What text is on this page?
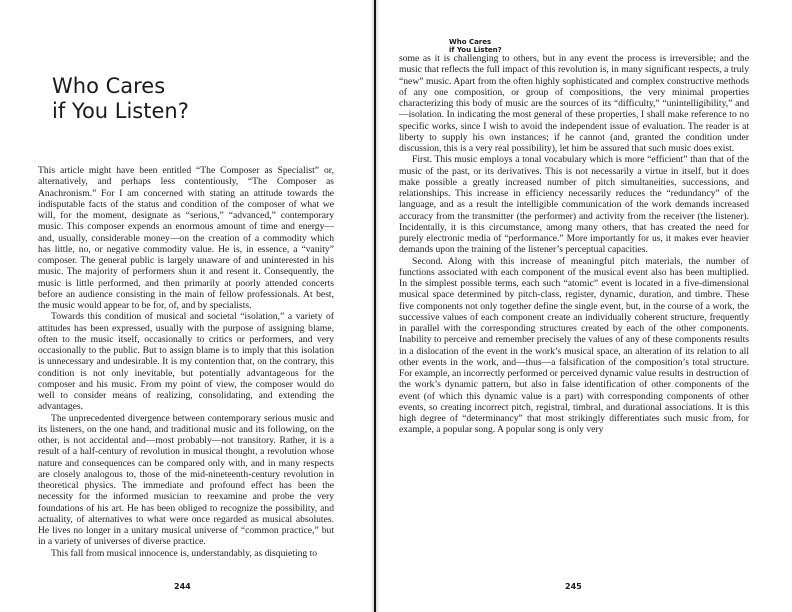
Who Cares
if You Listen?

This article might have been entitled “The Composer as Specialist” or, alternatively, and perhaps less contentiously, “The Composer as Anachronism.” For I am concerned with stating an attitude towards the indisputable facts of the status and condition of the composer of what we will, for the moment, designate as “serious,” “advanced,” contemporary music. This composer expends an enormous amount of time and energy—and, usually, considerable money—on the creation of a commodity which has little, no, or negative commodity value. He is, in essence, a “vanity” composer. The general public is largely unaware of and uninterested in his music. The majority of performers shun it and resent it. Consequently, the music is little performed, and then primarily at poorly attended concerts before an audience consisting in the main of fellow professionals. At best, the music would appear to be for, of, and by specialists.

Towards this condition of musical and societal “isolation,” a variety of attitudes has been expressed, usually with the purpose of assigning blame, often to the music itself, occasionally to critics or performers, and very occasionally to the public. But to assign blame is to imply that this isolation is unnecessary and undesirable. It is my contention that, on the contrary, this condition is not only inevitable, but potentially advantageous for the composer and his music. From my point of view, the composer would do well to consider means of realizing, consolidating, and extending the advantages.

The unprecedented divergence between contemporary serious music and its listeners, on the one hand, and traditional music and its following, on the other, is not accidental and—most probably—not transitory. Rather, it is a result of a half-century of revolution in musical thought, a revolution whose nature and consequences can be compared only with, and in many respects are closely analogous to, those of the mid-nineteenth-century revolution in theoretical physics. The immediate and profound effect has been the necessity for the informed musician to reexamine and probe the very foundations of his art. He has been obliged to recognize the possibility, and actuality, of alternatives to what were once regarded as musical absolutes. He lives no longer in a unitary musical universe of “common practice,” but in a variety of universes of diverse practice.

This fall from musical innocence is, understandably, as disquieting to

244
Who Cares
if You Listen?

some as it is challenging to others, but in any event the process is irreversible; and the music that reflects the full impact of this revolution is, in many significant respects, a truly “new” music. Apart from the often highly sophisticated and complex constructive methods of any one composition, or group of compositions, the very minimal properties characterizing this body of music are the sources of its “difficulty,” “unintelligibility,” and—isolation. In indicating the most general of these properties, I shall make reference to no specific works, since I wish to avoid the independent issue of evaluation. The reader is at liberty to supply his own instances; if he cannot (and, granted the condition under discussion, this is a very real possibility), let him be assured that such music does exist.

First. This music employs a tonal vocabulary which is more “efficient” than that of the music of the past, or its derivatives. This is not necessarily a virtue in itself, but it does make possible a greatly increased number of pitch simultaneities, successions, and relationships. This increase in efficiency necessarily reduces the “redundancy” of the language, and as a result the intelligible communication of the work demands increased accuracy from the transmitter (the performer) and activity from the receiver (the listener). Incidentally, it is this circumstance, among many others, that has created the need for purely electronic media of “performance.” More importantly for us, it makes ever heavier demands upon the training of the listener’s perceptual capacities.

Second. Along with this increase of meaningful pitch materials, the number of functions associated with each component of the musical event also has been multiplied. In the simplest possible terms, each such “atomic” event is located in a five-dimensional musical space determined by pitch-class, register, dynamic, duration, and timbre. These five components not only together define the single event, but, in the course of a work, the successive values of each component create an individually coherent structure, frequently in parallel with the corresponding structures created by each of the other components. Inability to perceive and remember precisely the values of any of these components results in a dislocation of the event in the work’s musical space, an alteration of its relation to all other events in the work, and—thus—a falsification of the composition’s total structure. For example, an incorrectly performed or perceived dynamic value results in destruction of the work’s dynamic pattern, but also in false identification of other components of the event (of which this dynamic value is a part) with corresponding components of other events, so creating incorrect pitch, registral, timbral, and durational associations. It is this high degree of “determinancy” that most strikingly differentiates such music from, for example, a popular song. A popular song is only very

245
